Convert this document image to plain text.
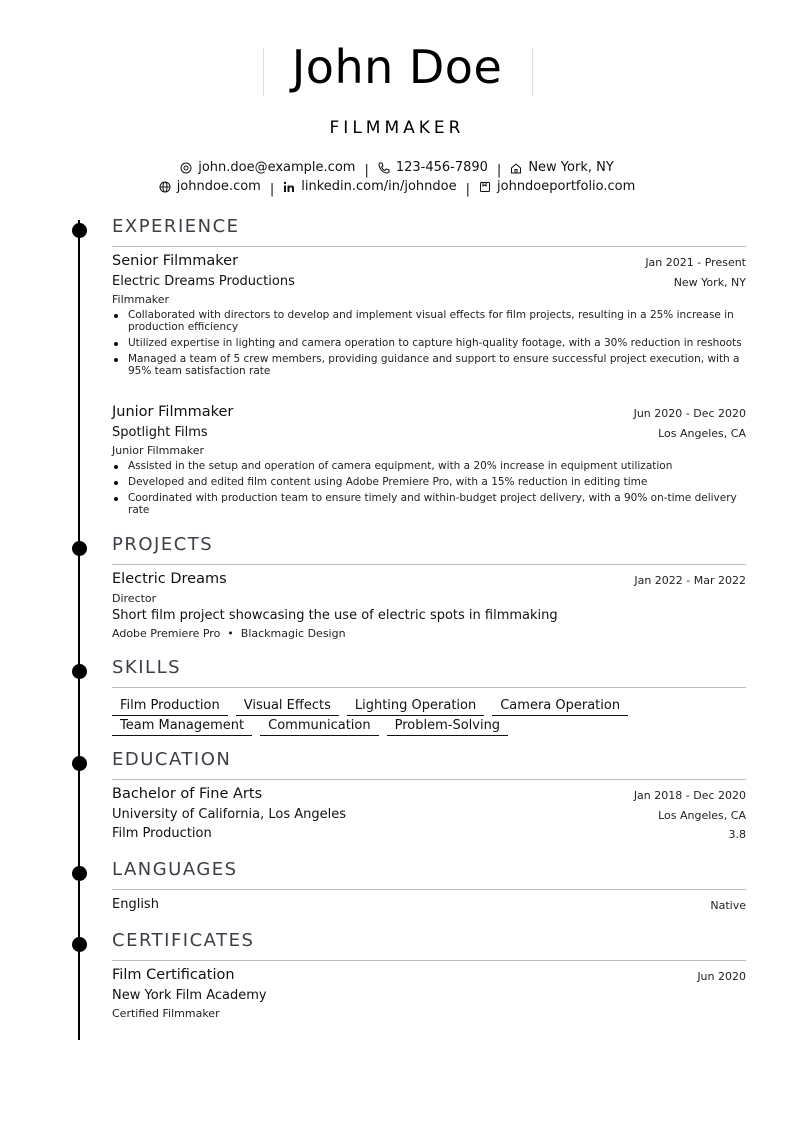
John Doe
FILMMAKER
john.doe@example.com | 123-456-7890 | New York, NY
johndoe.com | linkedin.com/in/johndoe | johndoeportfolio.com
EXPERIENCE
Senior Filmmaker	Jan 2021 - Present
Electric Dreams Productions	New York, NY
Filmmaker
Collaborated with directors to develop and implement visual effects for film projects, resulting in a 25% increase in production efficiency
Utilized expertise in lighting and camera operation to capture high-quality footage, with a 30% reduction in reshoots
Managed a team of 5 crew members, providing guidance and support to ensure successful project execution, with a 95% team satisfaction rate
Junior Filmmaker	Jun 2020 - Dec 2020
Spotlight Films	Los Angeles, CA
Junior Filmmaker
Assisted in the setup and operation of camera equipment, with a 20% increase in equipment utilization
Developed and edited film content using Adobe Premiere Pro, with a 15% reduction in editing time
Coordinated with production team to ensure timely and within-budget project delivery, with a 90% on-time delivery rate
PROJECTS
Electric Dreams	Jan 2022 - Mar 2022
Director
Short film project showcasing the use of electric spots in filmmaking
Adobe Premiere Pro  •  Blackmagic Design
SKILLS
Film Production Visual Effects Lighting Operation Camera Operation
Team Management Communication Problem-Solving
EDUCATION
Bachelor of Fine Arts	Jan 2018 - Dec 2020
University of California, Los Angeles	Los Angeles, CA
Film Production	3.8
LANGUAGES
English	Native
CERTIFICATES
Film Certification	Jun 2020
New York Film Academy
Certified Filmmaker
